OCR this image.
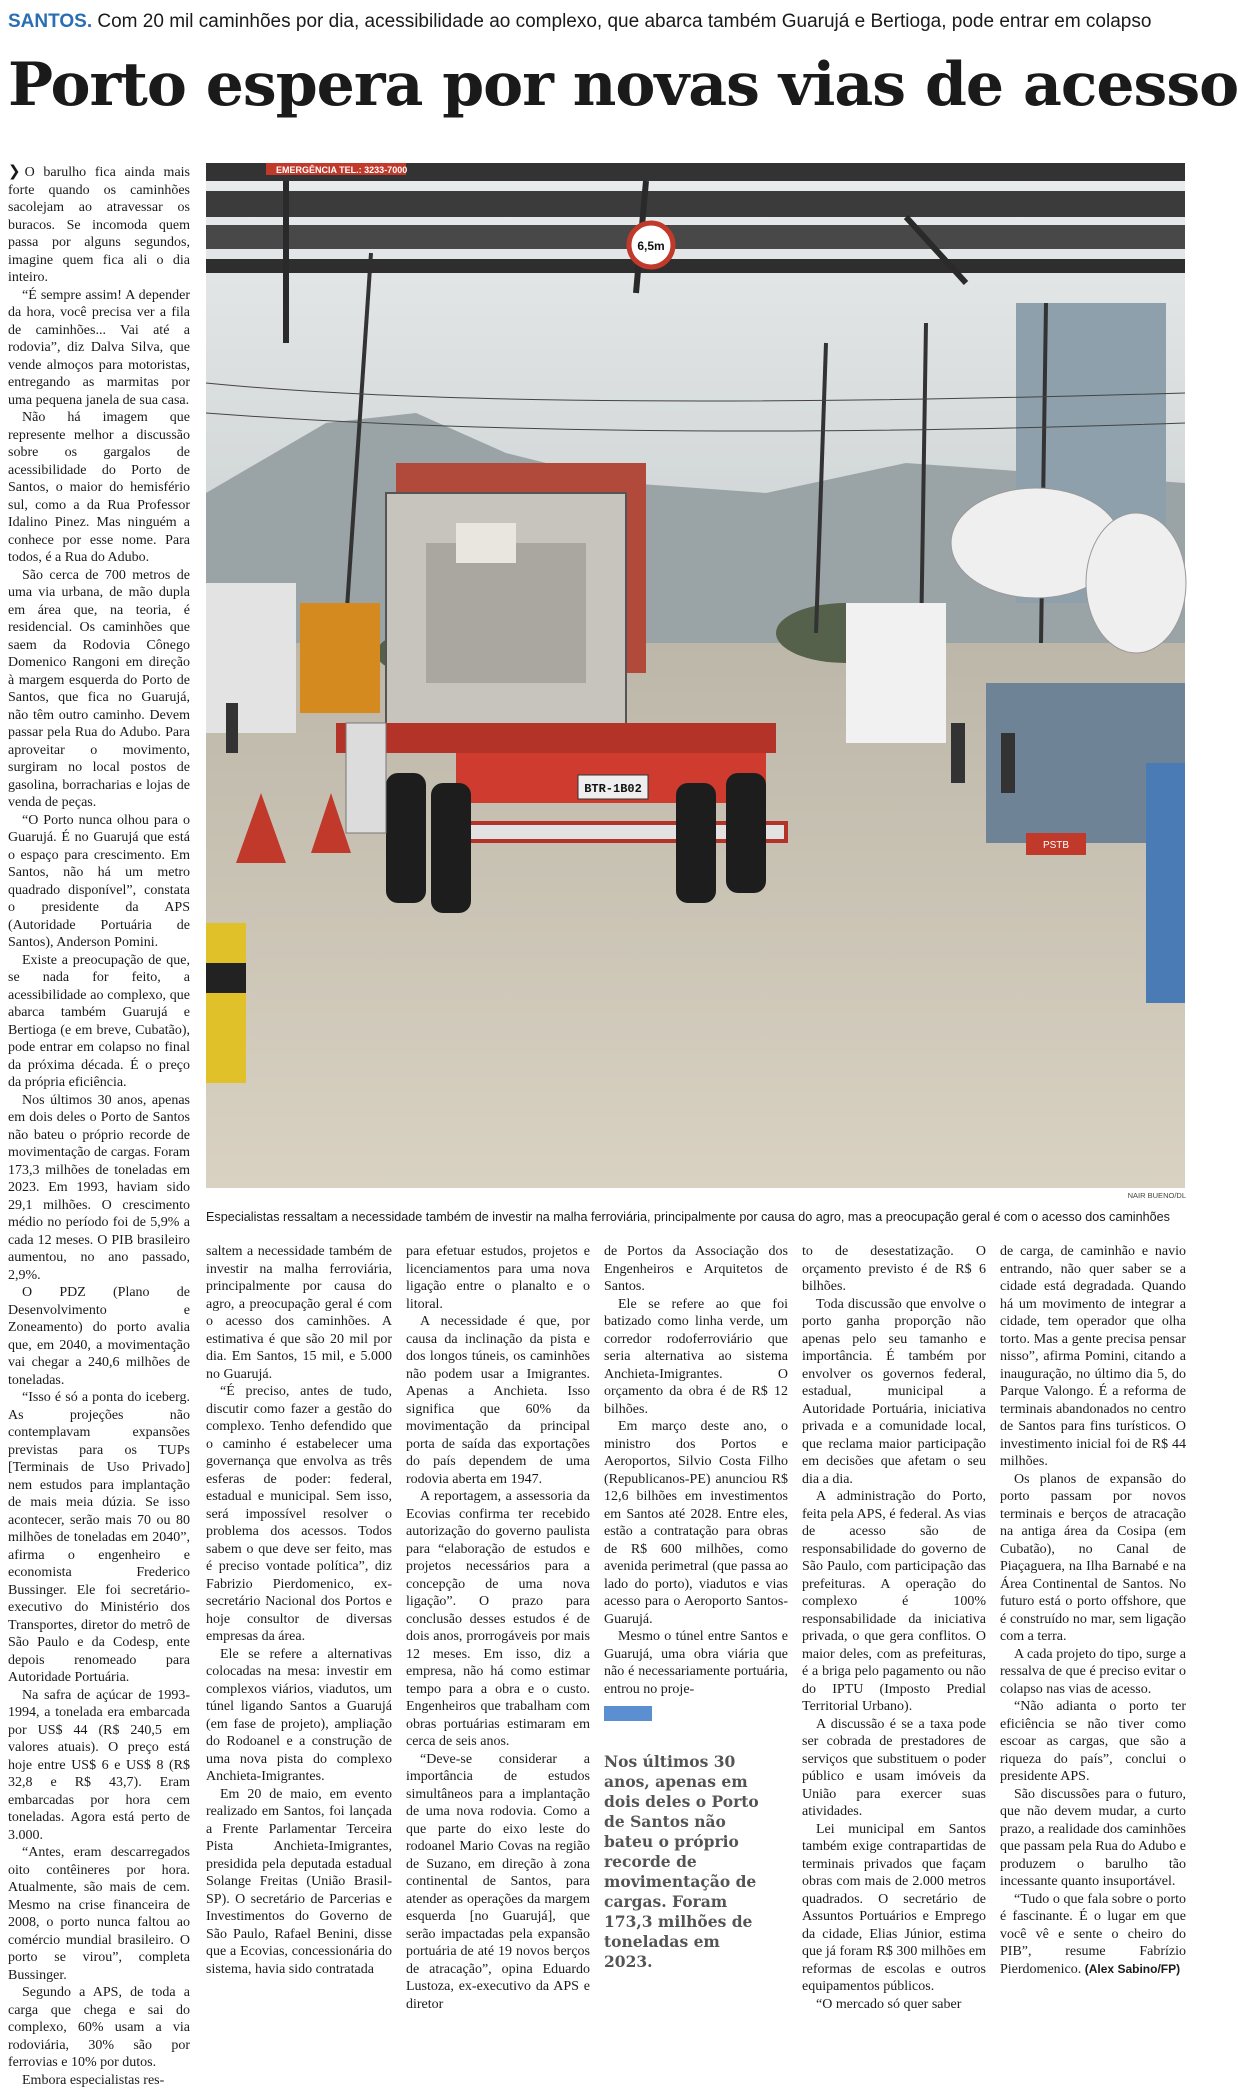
SANTOS. Com 20 mil caminhões por dia, acessibilidade ao complexo, que abarca também Guarujá e Bertioga, pode entrar em colapso
Porto espera por novas vias de acesso

❯ O barulho fica ainda mais forte quando os caminhões sacolejam ao atravessar os buracos. Se incomoda quem passa por alguns segundos, imagine quem fica ali o dia inteiro.

“É sempre assim! A depender da hora, você precisa ver a fila de caminhões... Vai até a rodovia”, diz Dalva Silva, que vende almoços para motoristas, entregando as marmitas por uma pequena janela de sua casa.

Não há imagem que represente melhor a discussão sobre os gargalos de acessibilidade do Porto de Santos, o maior do hemisfério sul, como a da Rua Professor Idalino Pinez. Mas ninguém a conhece por esse nome. Para todos, é a Rua do Adubo.

São cerca de 700 metros de uma via urbana, de mão dupla em área que, na teoria, é residencial. Os caminhões que saem da Rodovia Cônego Domenico Rangoni em direção à margem esquerda do Porto de Santos, que fica no Guarujá, não têm outro caminho. Devem passar pela Rua do Adubo. Para aproveitar o movimento, surgiram no local postos de gasolina, borracharias e lojas de venda de peças.

“O Porto nunca olhou para o Guarujá. É no Guarujá que está o espaço para crescimento. Em Santos, não há um metro quadrado disponível”, constata o presidente da APS (Autoridade Portuária de Santos), Anderson Pomini.

Existe a preocupação de que, se nada for feito, a acessibilidade ao complexo, que abarca também Guarujá e Bertioga (e em breve, Cubatão), pode entrar em colapso no final da próxima década. É o preço da própria eficiência.

Nos últimos 30 anos, apenas em dois deles o Porto de Santos não bateu o próprio recorde de movimentação de cargas. Foram 173,3 milhões de toneladas em 2023. Em 1993, haviam sido 29,1 milhões. O crescimento médio no período foi de 5,9% a cada 12 meses. O PIB brasileiro aumentou, no ano passado, 2,9%.

O PDZ (Plano de Desenvolvimento e Zoneamento) do porto avalia que, em 2040, a movimentação vai chegar a 240,6 milhões de toneladas.

“Isso é só a ponta do iceberg. As projeções não contemplavam expansões previstas para os TUPs [Terminais de Uso Privado] nem estudos para implantação de mais meia dúzia. Se isso acontecer, serão mais 70 ou 80 milhões de toneladas em 2040”, afirma o engenheiro e economista Frederico Bussinger. Ele foi secretário-executivo do Ministério dos Transportes, diretor do metrô de São Paulo e da Codesp, ente depois renomeado para Autoridade Portuária.

Na safra de açúcar de 1993-1994, a tonelada era embarcada por US$ 44 (R$ 240,5 em valores atuais). O preço está hoje entre US$ 6 e US$ 8 (R$ 32,8 e R$ 43,7). Eram embarcadas por hora cem toneladas. Agora está perto de 3.000.

“Antes, eram descarregados oito contêineres por hora. Atualmente, são mais de cem. Mesmo na crise financeira de 2008, o porto nunca faltou ao comércio mundial brasileiro. O porto se virou”, completa Bussinger.

Segundo a APS, de toda a carga que chega e sai do complexo, 60% usam a via rodoviária, 30% são por ferrovias e 10% por dutos.

Embora especialistas res-

EMERGÊNCIA TEL.: 3233-7000
6,5m
BTR-1B02
PSTB
NAIR BUENO/DL
Especialistas ressaltam a necessidade também de investir na malha ferroviária, principalmente por causa do agro, mas a preocupação geral é com o acesso dos caminhões

saltem a necessidade também de investir na malha ferroviária, principalmente por causa do agro, a preocupação geral é com o acesso dos caminhões. A estimativa é que são 20 mil por dia. Em Santos, 15 mil, e 5.000 no Guarujá.

“É preciso, antes de tudo, discutir como fazer a gestão do complexo. Tenho defendido que o caminho é estabelecer uma governança que envolva as três esferas de poder: federal, estadual e municipal. Sem isso, será impossível resolver o problema dos acessos. Todos sabem o que deve ser feito, mas é preciso vontade política”, diz Fabrizio Pierdomenico, ex-secretário Nacional dos Portos e hoje consultor de diversas empresas da área.

Ele se refere a alternativas colocadas na mesa: investir em complexos viários, viadutos, um túnel ligando Santos a Guarujá (em fase de projeto), ampliação do Rodoanel e a construção de uma nova pista do complexo Anchieta-Imigrantes.

Em 20 de maio, em evento realizado em Santos, foi lançada a Frente Parlamentar Terceira Pista Anchieta-Imigrantes, presidida pela deputada estadual Solange Freitas (União Brasil-SP). O secretário de Parcerias e Investimentos do Governo de São Paulo, Rafael Benini, disse que a Ecovias, concessionária do sistema, havia sido contratada

para efetuar estudos, projetos e licenciamentos para uma nova ligação entre o planalto e o litoral.

A necessidade é que, por causa da inclinação da pista e dos longos túneis, os caminhões não podem usar a Imigrantes. Apenas a Anchieta. Isso significa que 60% da movimentação da principal porta de saída das exportações do país dependem de uma rodovia aberta em 1947.

A reportagem, a assessoria da Ecovias confirma ter recebido autorização do governo paulista para “elaboração de estudos e projetos necessários para a concepção de uma nova ligação”. O prazo para conclusão desses estudos é de dois anos, prorrogáveis por mais 12 meses. Em isso, diz a empresa, não há como estimar tempo para a obra e o custo. Engenheiros que trabalham com obras portuárias estimaram em cerca de seis anos.

“Deve-se considerar a importância de estudos simultâneos para a implantação de uma nova rodovia. Como a que parte do eixo leste do rodoanel Mario Covas na região de Suzano, em direção à zona continental de Santos, para atender as operações da margem esquerda [no Guarujá], que serão impactadas pela expansão portuária de até 19 novos berços de atracação”, opina Eduardo Lustoza, ex-executivo da APS e diretor

de Portos da Associação dos Engenheiros e Arquitetos de Santos.

Ele se refere ao que foi batizado como linha verde, um corredor rodoferroviário que seria alternativa ao sistema Anchieta-Imigrantes. O orçamento da obra é de R$ 12 bilhões.

Em março deste ano, o ministro dos Portos e Aeroportos, Silvio Costa Filho (Republicanos-PE) anunciou R$ 12,6 bilhões em investimentos em Santos até 2028. Entre eles, estão a contratação para obras de R$ 600 milhões, como avenida perimetral (que passa ao lado do porto), viadutos e vias acesso para o Aeroporto Santos-Guarujá.

Mesmo o túnel entre Santos e Guarujá, uma obra viária que não é necessariamente portuária, entrou no proje-

Nos últimos 30 anos, apenas em dois deles o Porto de Santos não bateu o próprio recorde de movimentação de cargas. Foram 173,3 milhões de toneladas em 2023.

to de desestatização. O orçamento previsto é de R$ 6 bilhões.

Toda discussão que envolve o porto ganha proporção não apenas pelo seu tamanho e importância. É também por envolver os governos federal, estadual, municipal a Autoridade Portuária, iniciativa privada e a comunidade local, que reclama maior participação em decisões que afetam o seu dia a dia.

A administração do Porto, feita pela APS, é federal. As vias de acesso são de responsabilidade do governo de São Paulo, com participação das prefeituras. A operação do complexo é 100% responsabilidade da iniciativa privada, o que gera conflitos. O maior deles, com as prefeituras, é a briga pelo pagamento ou não do IPTU (Imposto Predial Territorial Urbano).

A discussão é se a taxa pode ser cobrada de prestadores de serviços que substituem o poder público e usam imóveis da União para exercer suas atividades.

Lei municipal em Santos também exige contrapartidas de terminais privados que façam obras com mais de 2.000 metros quadrados. O secretário de Assuntos Portuários e Emprego da cidade, Elias Júnior, estima que já foram R$ 300 milhões em reformas de escolas e outros equipamentos públicos.

“O mercado só quer saber

de carga, de caminhão e navio entrando, não quer saber se a cidade está degradada. Quando há um movimento de integrar a cidade, tem operador que olha torto. Mas a gente precisa pensar nisso”, afirma Pomini, citando a inauguração, no último dia 5, do Parque Valongo. É a reforma de terminais abandonados no centro de Santos para fins turísticos. O investimento inicial foi de R$ 44 milhões.

Os planos de expansão do porto passam por novos terminais e berços de atracação na antiga área da Cosipa (em Cubatão), no Canal de Piaçaguera, na Ilha Barnabé e na Área Continental de Santos. No futuro está o porto offshore, que é construído no mar, sem ligação com a terra.

A cada projeto do tipo, surge a ressalva de que é preciso evitar o colapso nas vias de acesso.

“Não adianta o porto ter eficiência se não tiver como escoar as cargas, que são a riqueza do país”, conclui o presidente APS.

São discussões para o futuro, que não devem mudar, a curto prazo, a realidade dos caminhões que passam pela Rua do Adubo e produzem o barulho tão incessante quanto insuportável.

“Tudo o que fala sobre o porto é fascinante. É o lugar em que você vê e sente o cheiro do PIB”, resume Fabrízio Pierdomenico. (Alex Sabino/FP)
